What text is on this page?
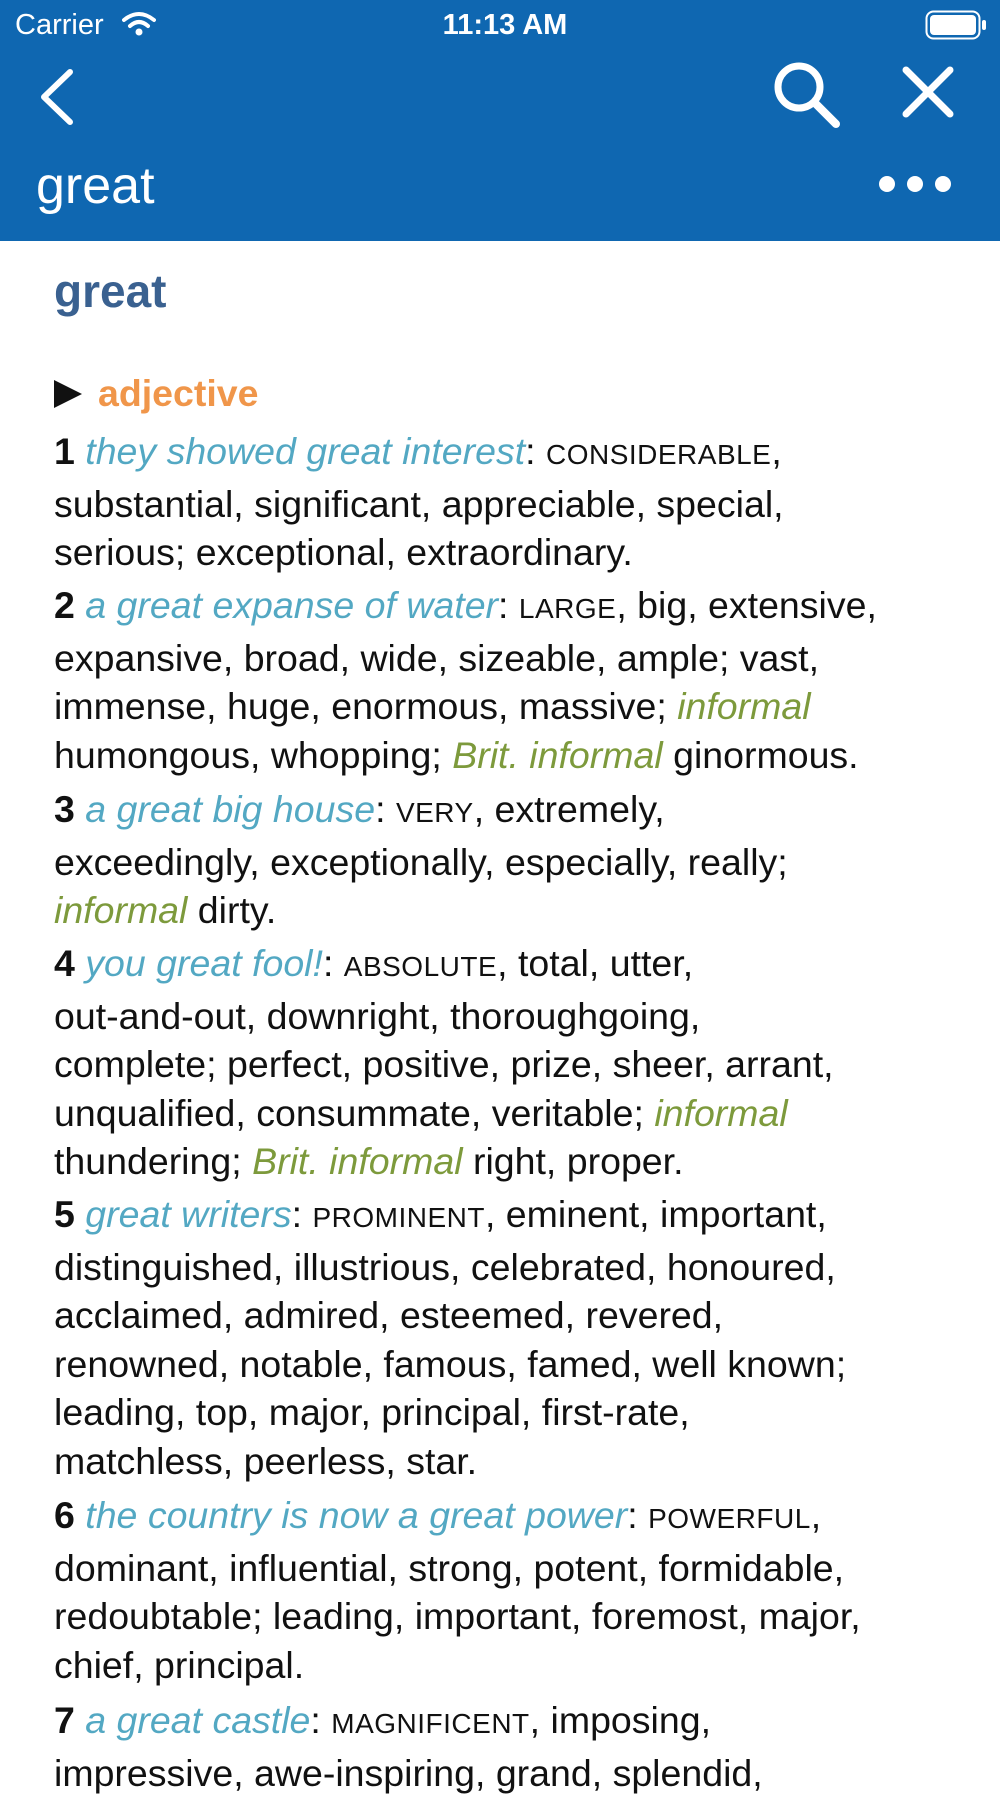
Carrier	11:13 AM
great
great
adjective

1 they showed great interest: CONSIDERABLE,
substantial, significant, appreciable, special,
serious; exceptional, extraordinary.

2 a great expanse of water: LARGE, big, extensive,
expansive, broad, wide, sizeable, ample; vast,
immense, huge, enormous, massive; informal
humongous, whopping; Brit. informal ginormous.

3 a great big house: VERY, extremely,
exceedingly, exceptionally, especially, really;
informal dirty.

4 you great fool!: ABSOLUTE, total, utter,
out-and-out, downright, thoroughgoing,
complete; perfect, positive, prize, sheer, arrant,
unqualified, consummate, veritable; informal
thundering; Brit. informal right, proper.

5 great writers: PROMINENT, eminent, important,
distinguished, illustrious, celebrated, honoured,
acclaimed, admired, esteemed, revered,
renowned, notable, famous, famed, well known;
leading, top, major, principal, first-rate,
matchless, peerless, star.

6 the country is now a great power: POWERFUL,
dominant, influential, strong, potent, formidable,
redoubtable; leading, important, foremost, major,
chief, principal.

7 a great castle: MAGNIFICENT, imposing,
impressive, awe-inspiring, grand, splendid,
